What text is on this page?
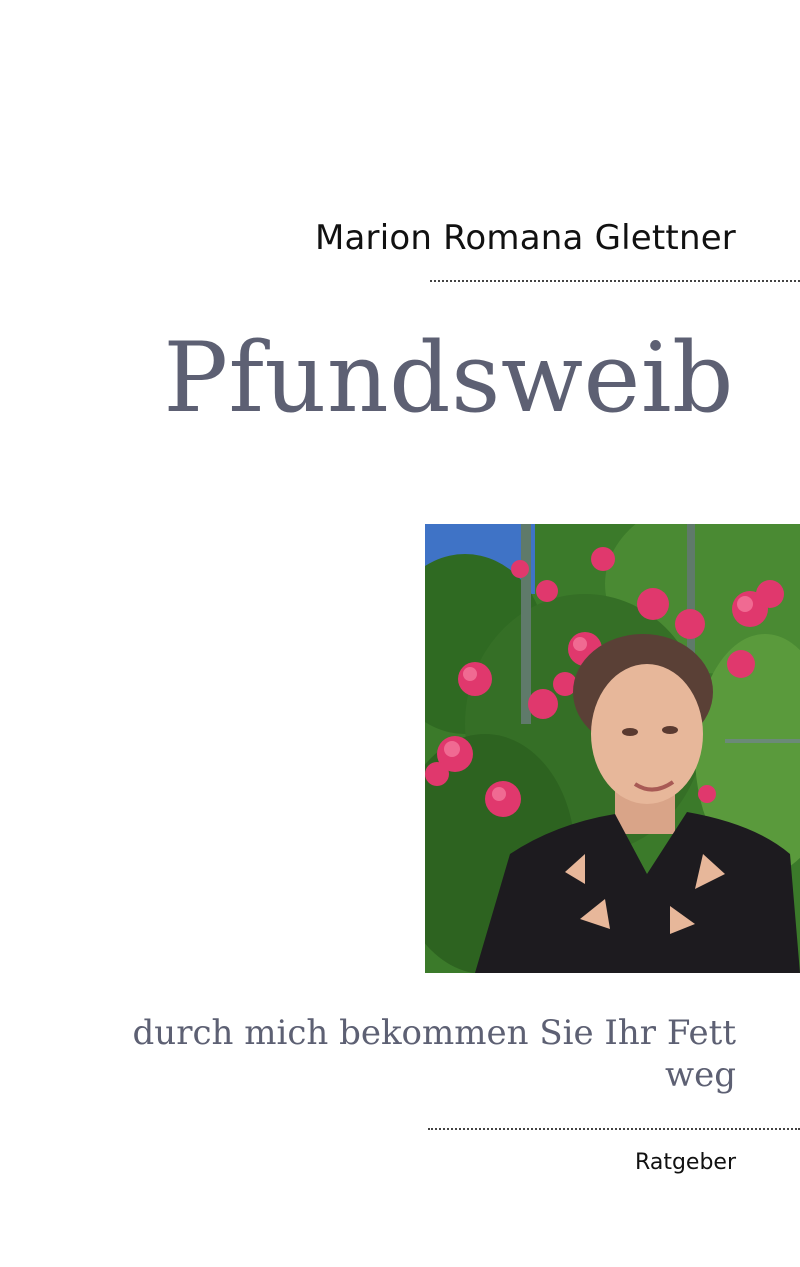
Marion Romana Glettner
Pfundsweib
durch mich bekommen Sie Ihr Fett weg
Ratgeber
